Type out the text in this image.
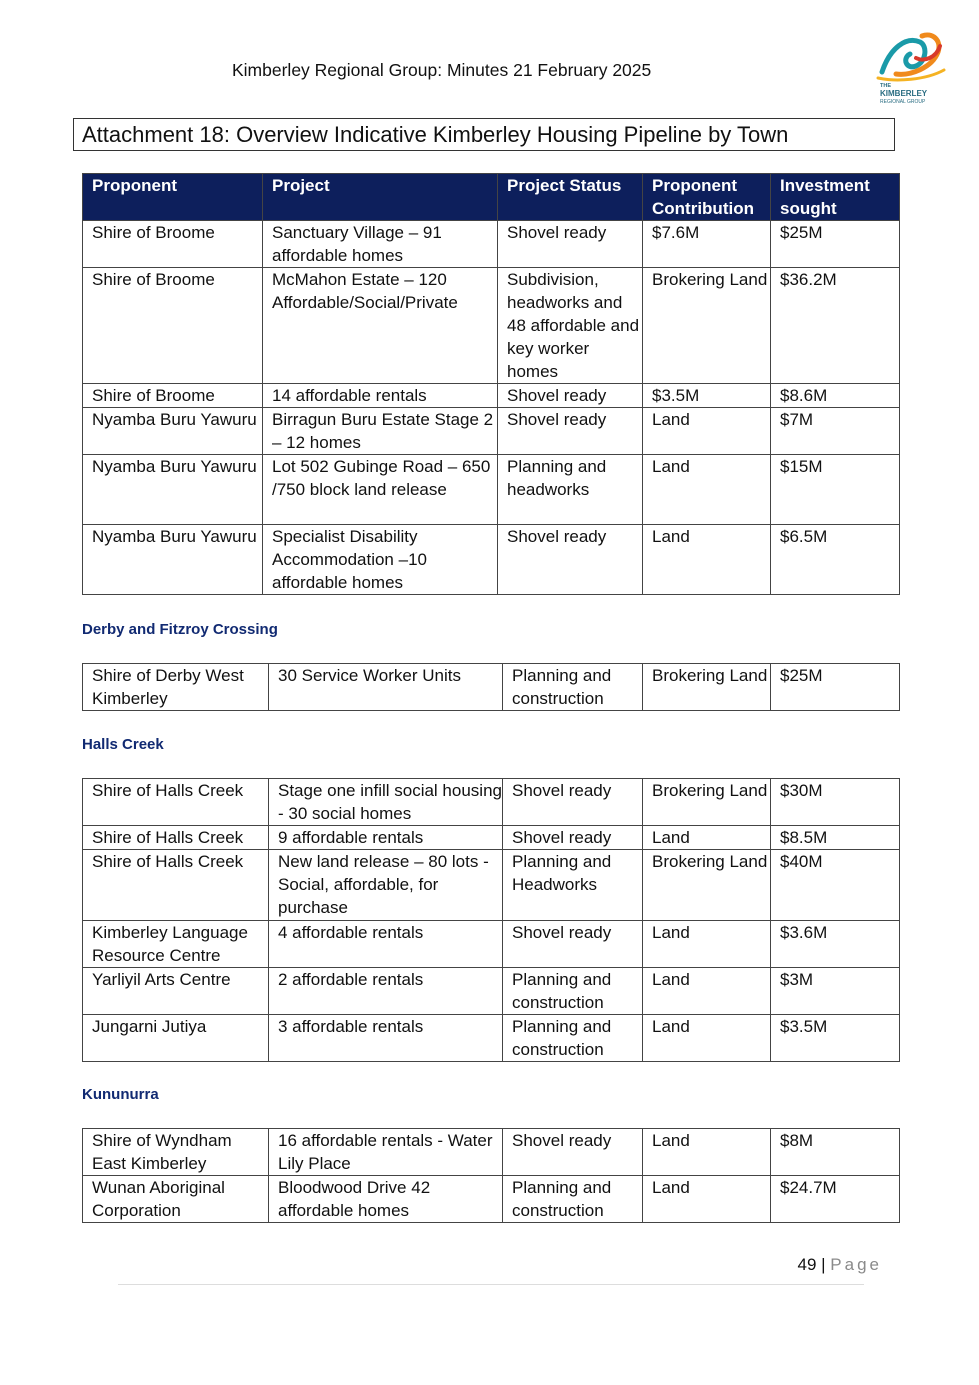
Kimberley Regional Group: Minutes 21 February 2025
THE
KIMBERLEY
REGIONAL GROUP
Attachment 18: Overview Indicative Kimberley Housing Pipeline by Town
Proponent	Project	Project Status	Proponent Contribution	Investment sought
Shire of Broome	Sanctuary Village – 91 affordable homes	Shovel ready	$7.6M	$25M
Shire of Broome	McMahon Estate – 120 Affordable/Social/Private	Subdivision, headworks and 48 affordable and key worker homes	Brokering Land	$36.2M
Shire of Broome	14 affordable rentals	Shovel ready	$3.5M	$8.6M
Nyamba Buru Yawuru	Birragun Buru Estate Stage 2 – 12 homes	Shovel ready	Land	$7M
Nyamba Buru Yawuru	Lot 502 Gubinge Road – 650 /750 block land release	Planning and headworks	Land	$15M
Nyamba Buru Yawuru	Specialist Disability Accommodation –10 affordable homes	Shovel ready	Land	$6.5M
Derby and Fitzroy Crossing
Shire of Derby West Kimberley	30 Service Worker Units	Planning and construction	Brokering Land	$25M
Halls Creek
Shire of Halls Creek	Stage one infill social housing - 30 social homes	Shovel ready	Brokering Land	$30M
Shire of Halls Creek	9 affordable rentals	Shovel ready	Land	$8.5M
Shire of Halls Creek	New land release – 80 lots - Social, affordable, for purchase	Planning and Headworks	Brokering Land	$40M
Kimberley Language Resource Centre	4 affordable rentals	Shovel ready	Land	$3.6M
Yarliyil Arts Centre	2 affordable rentals	Planning and construction	Land	$3M
Jungarni Jutiya	3 affordable rentals	Planning and construction	Land	$3.5M
Kununurra
Shire of Wyndham East Kimberley	16 affordable rentals - Water Lily Place	Shovel ready	Land	$8M
Wunan Aboriginal Corporation	Bloodwood Drive 42 affordable homes	Planning and construction	Land	$24.7M
49 | Page
